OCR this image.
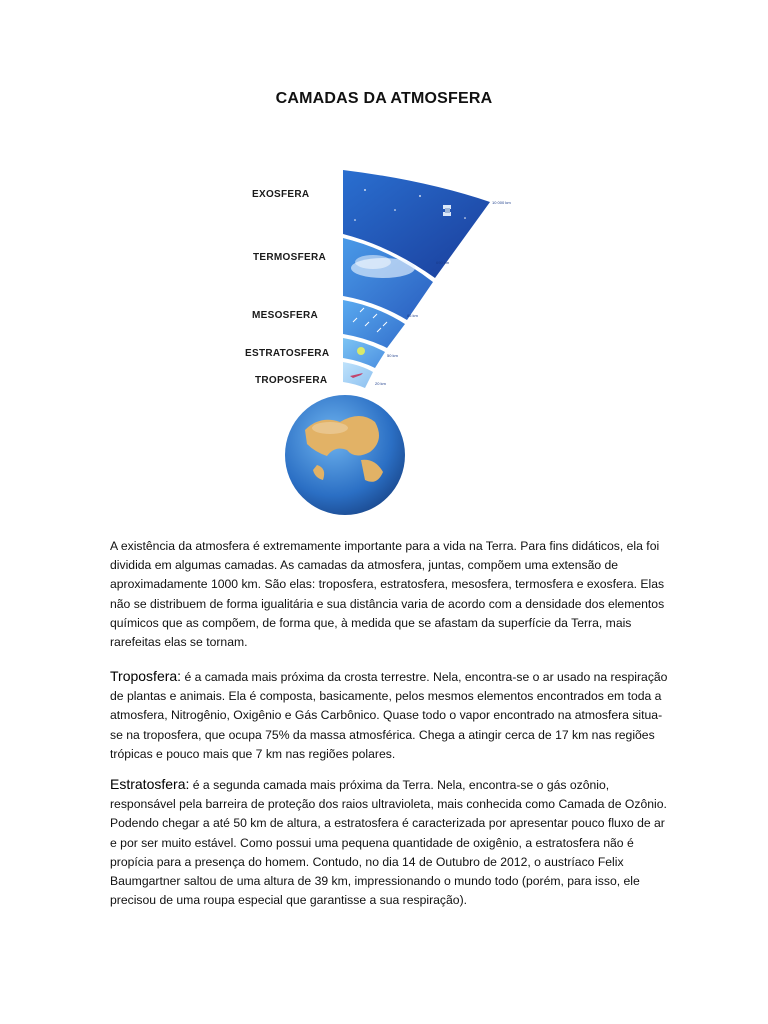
CAMADAS DA ATMOSFERA
EXOSFERA
TERMOSFERA
MESOSFERA
ESTRATOSFERA
TROPOSFERA
10 000 km
690 km
85 km
50 km
20 km

A existência da atmosfera é extremamente importante para a vida na Terra. Para fins didáticos, ela foi dividida em algumas camadas. As camadas da atmosfera, juntas, compõem uma extensão de aproximadamente 1000 km. São elas: troposfera, estratosfera, mesosfera, termosfera e exosfera. Elas não se distribuem de forma igualitária e sua distância varia de acordo com a densidade dos elementos químicos que as compõem, de forma que, à medida que se afastam da superfície da Terra, mais rarefeitas elas se tornam.

Troposfera: é a camada mais próxima da crosta terrestre. Nela, encontra-se o ar usado na respiração de plantas e animais. Ela é composta, basicamente, pelos mesmos elementos encontrados em toda a atmosfera, Nitrogênio, Oxigênio e Gás Carbônico. Quase todo o vapor encontrado na atmosfera situa-se na troposfera, que ocupa 75% da massa atmosférica. Chega a atingir cerca de 17 km nas regiões trópicas e pouco mais que 7 km nas regiões polares.

Estratosfera: é a segunda camada mais próxima da Terra. Nela, encontra-se o gás ozônio, responsável pela barreira de proteção dos raios ultravioleta, mais conhecida como Camada de Ozônio. Podendo chegar a até 50 km de altura, a estratosfera é caracterizada por apresentar pouco fluxo de ar e por ser muito estável. Como possui uma pequena quantidade de oxigênio, a estratosfera não é propícia para a presença do homem. Contudo, no dia 14 de Outubro de 2012, o austríaco Felix Baumgartner saltou de uma altura de 39 km, impressionando o mundo todo (porém, para isso, ele precisou de uma roupa especial que garantisse a sua respiração).
